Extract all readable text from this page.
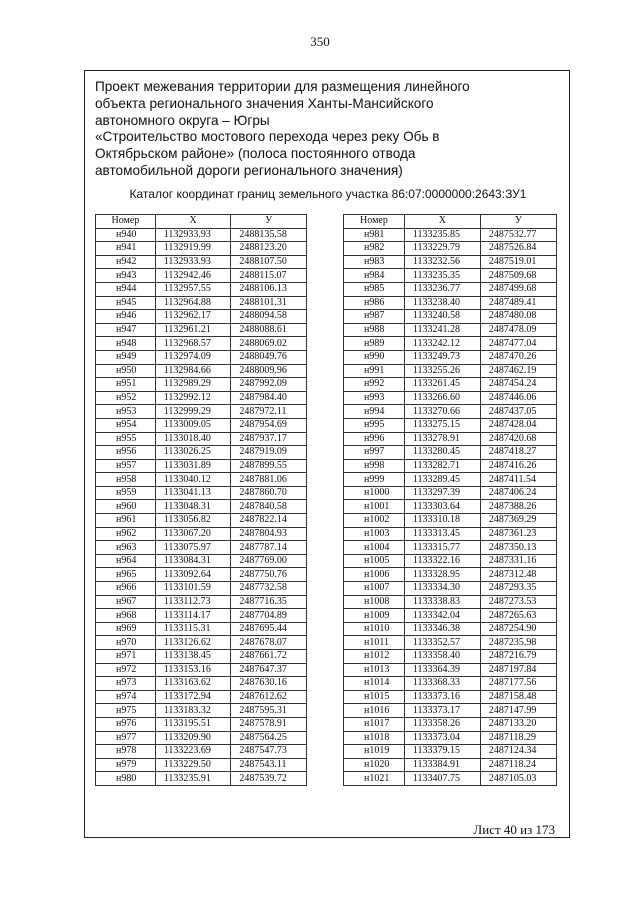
350
Проект межевания территории для размещения линейного
объекта регионального значения Ханты-Мансийского
автономного округа – Югры
«Строительство мостового перехода через реку Обь в
Октябрьском районе» (полоса постоянного отвода
автомобильной дороги регионального значения)
Каталог координат границ земельного участка 86:07:0000000:2643:ЗУ1
Номер	X	У
н940	1132933.93	2488135.58
н941	1132919.99	2488123.20
н942	1132933.93	2488107.50
н943	1132942.46	2488115.07
н944	1132957.55	2488106.13
н945	1132964.88	2488101.31
н946	1132962.17	2488094.58
н947	1132961.21	2488088.61
н948	1132968.57	2488069.02
н949	1132974.09	2488049.76
н950	1132984.66	2488009.96
н951	1132989.29	2487992.09
н952	1132992.12	2487984.40
н953	1132999.29	2487972.11
н954	1133009.05	2487954.69
н955	1133018.40	2487937.17
н956	1133026.25	2487919.09
н957	1133031.89	2487899.55
н958	1133040.12	2487881.06
н959	1133041.13	2487860.70
н960	1133048.31	2487840.58
н961	1133056.82	2487822.14
н962	1133067.20	2487804.93
н963	1133075.97	2487787.14
н964	1133084.31	2487769.00
н965	1133092.64	2487750.76
н966	1133101.59	2487732.58
н967	1133112.73	2487716.35
н968	1133114.17	2487704.89
н969	1133115.31	2487695.44
н970	1133126.62	2487678.07
н971	1133138.45	2487661.72
н972	1133153.16	2487647.37
н973	1133163.62	2487630.16
н974	1133172.94	2487612.62
н975	1133183.32	2487595.31
н976	1133195.51	2487578.91
н977	1133209.90	2487564.25
н978	1133223.69	2487547.73
н979	1133229.50	2487543.11
н980	1133235.91	2487539.72
Номер	X	У
н981	1133235.85	2487532.77
н982	1133229.79	2487526.84
н983	1133232.56	2487519.01
н984	1133235.35	2487509.68
н985	1133236.77	2487499.68
н986	1133238.40	2487489.41
н987	1133240.58	2487480.08
н988	1133241.28	2487478.09
н989	1133242.12	2487477.04
н990	1133249.73	2487470.26
н991	1133255.26	2487462.19
н992	1133261.45	2487454.24
н993	1133266.60	2487446.06
н994	1133270.66	2487437.05
н995	1133275.15	2487428.04
н996	1133278.91	2487420.68
н997	1133280.45	2487418.27
н998	1133282.71	2487416.26
н999	1133289.45	2487411.54
н1000	1133297.39	2487406.24
н1001	1133303.64	2487388.26
н1002	1133310.18	2487369.29
н1003	1133313.45	2487361.23
н1004	1133315.77	2487350.13
н1005	1133322.16	2487331.16
н1006	1133328.95	2487312.48
н1007	1133334.30	2487293.35
н1008	1133338.83	2487273.53
н1009	1133342.04	2487265.63
н1010	1133346.38	2487254.90
н1011	1133352.57	2487235.98
н1012	1133358.40	2487216.79
н1013	1133364.39	2487197.84
н1014	1133368.33	2487177.56
н1015	1133373.16	2487158.48
н1016	1133373.17	2487147.99
н1017	1133358.26	2487133.20
н1018	1133373.04	2487118.29
н1019	1133379.15	2487124.34
н1020	1133384.91	2487118.24
н1021	1133407.75	2487105.03
Лист 40 из 173
